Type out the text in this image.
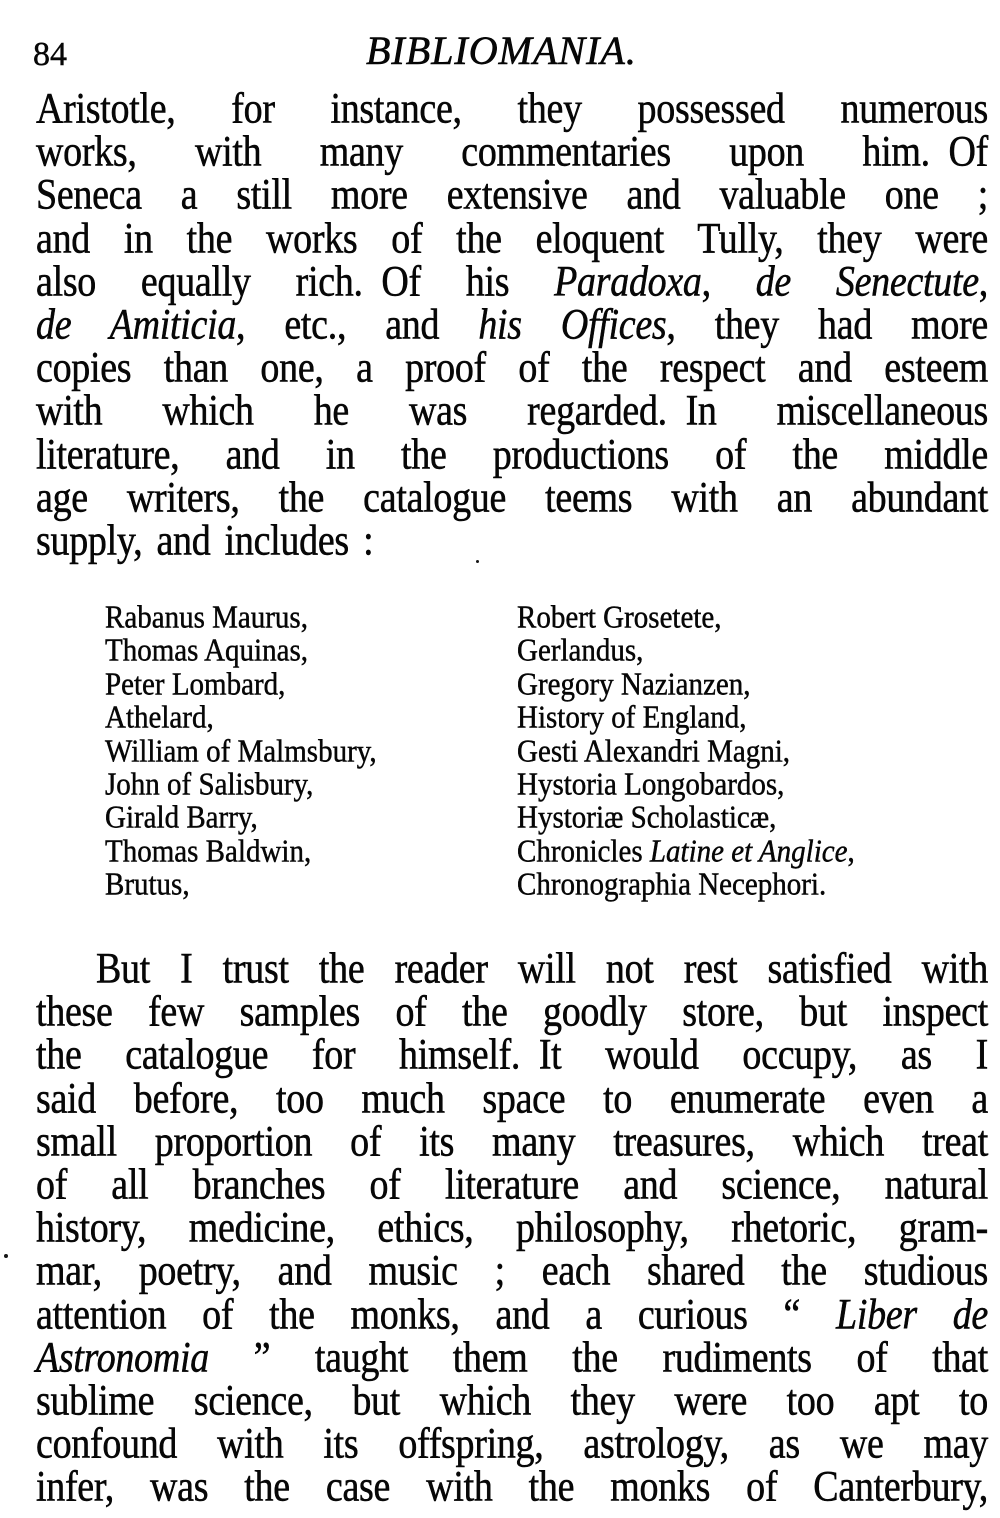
84	BIBLIOMANIA.
Aristotle, for instance, they possessed numerous
works, with many commentaries upon him. Of
Seneca a still more extensive and valuable one ;
and in the works of the eloquent Tully, they were
also equally rich. Of his Paradoxa, de Senectute,
de Amiticia, etc., and his Offices, they had more
copies than one, a proof of the respect and esteem
with which he was regarded. In miscellaneous
literature, and in the productions of the middle
age writers, the catalogue teems with an abundant
supply, and includes :
Rabanus Maurus,
Thomas Aquinas,
Peter Lombard,
Athelard,
William of Malmsbury,
John of Salisbury,
Girald Barry,
Thomas Baldwin,
Brutus,
Robert Grosetete,
Gerlandus,
Gregory Nazianzen,
History of England,
Gesti Alexandri Magni,
Hystoria Longobardos,
Hystoriæ Scholasticæ,
Chronicles Latine et Anglice,
Chronographia Necephori.
But I trust the reader will not rest satisfied with
these few samples of the goodly store, but inspect
the catalogue for himself. It would occupy, as I
said before, too much space to enumerate even a
small proportion of its many treasures, which treat
of all branches of literature and science, natural
history, medicine, ethics, philosophy, rhetoric, gram-
mar, poetry, and music ; each shared the studious
attention of the monks, and a curious “ Liber de
Astronomia ” taught them the rudiments of that
sublime science, but which they were too apt to
confound with its offspring, astrology, as we may
infer, was the case with the monks of Canterbury,
